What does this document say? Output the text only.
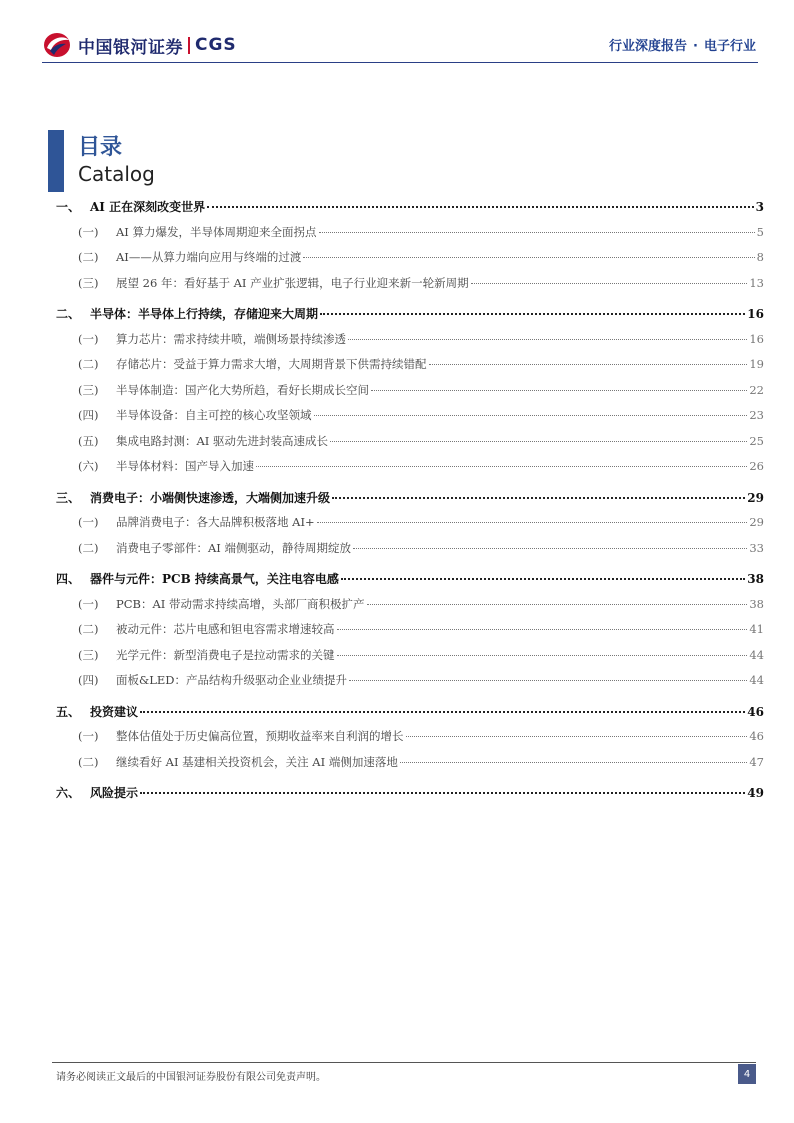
中国银河证券 CGS	行业深度报告 · 电子行业
目录
Catalog
一、 AI 正在深刻改变世界	3
(一)	AI 算力爆发，半导体周期迎来全面拐点	5
(二)	AI——从算力端向应用与终端的过渡	8
(三)	展望 26 年：看好基于 AI 产业扩张逻辑，电子行业迎来新一轮新周期	13
二、 半导体：半导体上行持续，存储迎来大周期	16
(一)	算力芯片：需求持续井喷，端侧场景持续渗透	16
(二)	存储芯片：受益于算力需求大增，大周期背景下供需持续错配	19
(三)	半导体制造：国产化大势所趋，看好长期成长空间	22
(四)	半导体设备：自主可控的核心攻坚领域	23
(五)	集成电路封测：AI 驱动先进封装高速成长	25
(六)	半导体材料：国产导入加速	26
三、 消费电子：小端侧快速渗透，大端侧加速升级	29
(一)	品牌消费电子：各大品牌积极落地 AI+	29
(二)	消费电子零部件：AI 端侧驱动，静待周期绽放	33
四、 器件与元件：PCB 持续高景气，关注电容电感	38
(一)	PCB：AI 带动需求持续高增，头部厂商积极扩产	38
(二)	被动元件：芯片电感和钽电容需求增速较高	41
(三)	光学元件：新型消费电子是拉动需求的关键	44
(四)	面板&LED：产品结构升级驱动企业业绩提升	44
五、 投资建议	46
(一)	整体估值处于历史偏高位置，预期收益率来自利润的增长	46
(二)	继续看好 AI 基建相关投资机会，关注 AI 端侧加速落地	47
六、 风险提示	49
请务必阅读正文最后的中国银河证券股份有限公司免责声明。	4
